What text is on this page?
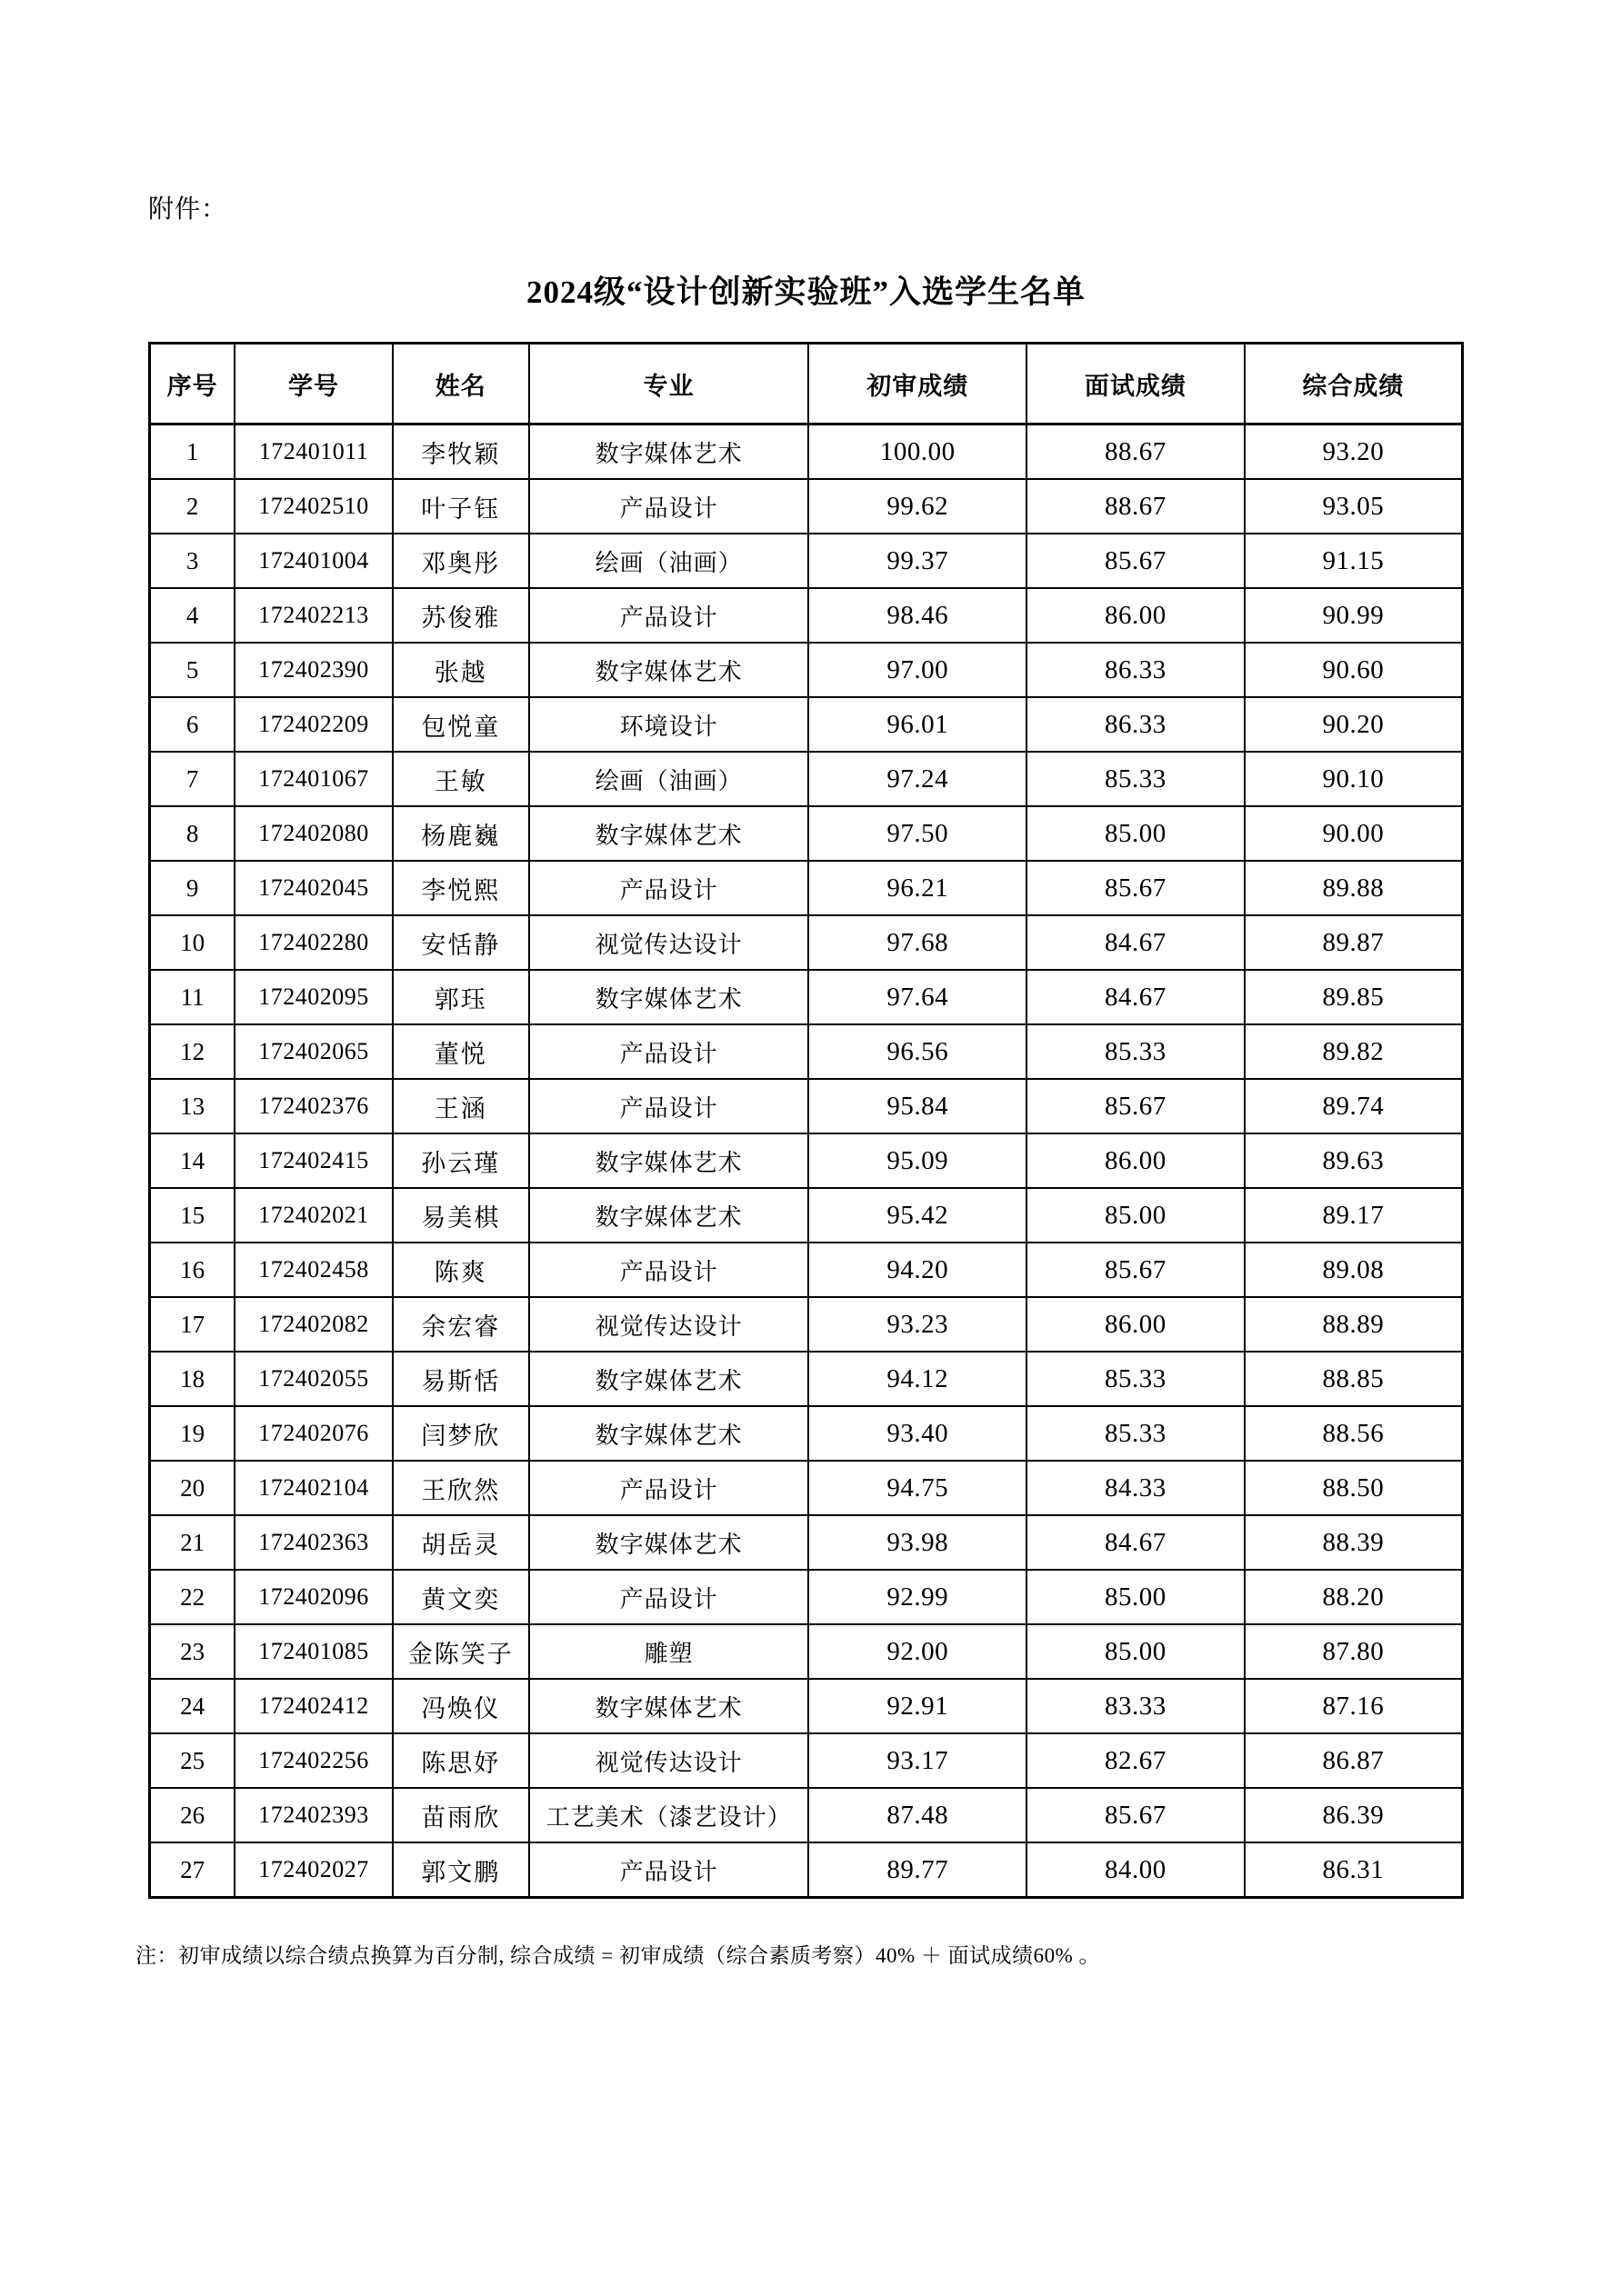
附件：
2024级“设计创新实验班”入选学生名单
序号	学号	姓名	专业	初审成绩	面试成绩	综合成绩
1	172401011	李牧颖	数字媒体艺术	100.00	88.67	93.20
2	172402510	叶子钰	产品设计	99.62	88.67	93.05
3	172401004	邓奥彤	绘画（油画）	99.37	85.67	91.15
4	172402213	苏俊雅	产品设计	98.46	86.00	90.99
5	172402390	张越	数字媒体艺术	97.00	86.33	90.60
6	172402209	包悦童	环境设计	96.01	86.33	90.20
7	172401067	王敏	绘画（油画）	97.24	85.33	90.10
8	172402080	杨鹿巍	数字媒体艺术	97.50	85.00	90.00
9	172402045	李悦熙	产品设计	96.21	85.67	89.88
10	172402280	安恬静	视觉传达设计	97.68	84.67	89.87
11	172402095	郭珏	数字媒体艺术	97.64	84.67	89.85
12	172402065	董悦	产品设计	96.56	85.33	89.82
13	172402376	王涵	产品设计	95.84	85.67	89.74
14	172402415	孙云瑾	数字媒体艺术	95.09	86.00	89.63
15	172402021	易美棋	数字媒体艺术	95.42	85.00	89.17
16	172402458	陈爽	产品设计	94.20	85.67	89.08
17	172402082	余宏睿	视觉传达设计	93.23	86.00	88.89
18	172402055	易斯恬	数字媒体艺术	94.12	85.33	88.85
19	172402076	闫梦欣	数字媒体艺术	93.40	85.33	88.56
20	172402104	王欣然	产品设计	94.75	84.33	88.50
21	172402363	胡岳灵	数字媒体艺术	93.98	84.67	88.39
22	172402096	黄文奕	产品设计	92.99	85.00	88.20
23	172401085	金陈笑子	雕塑	92.00	85.00	87.80
24	172402412	冯焕仪	数字媒体艺术	92.91	83.33	87.16
25	172402256	陈思妤	视觉传达设计	93.17	82.67	86.87
26	172402393	苗雨欣	工艺美术（漆艺设计）	87.48	85.67	86.39
27	172402027	郭文鹏	产品设计	89.77	84.00	86.31
注：初审成绩以综合绩点换算为百分制, 综合成绩 = 初审成绩（综合素质考察）40% ＋ 面试成绩60% 。
